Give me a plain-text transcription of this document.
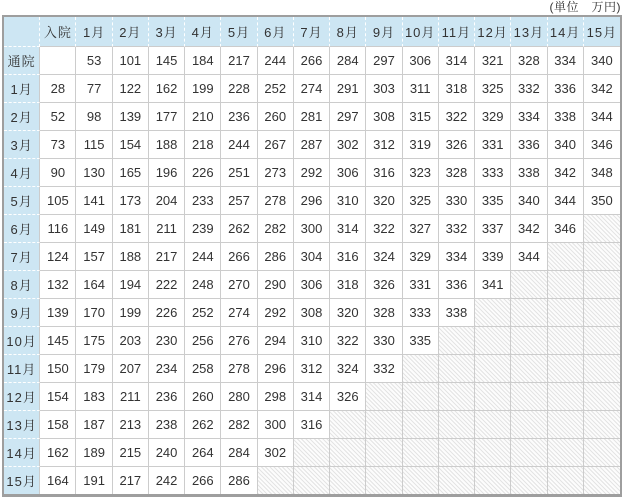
(単位　万円)
	入院	1月	2月	3月	4月	5月	6月	7月	8月	9月	10月	11月	12月	13月	14月	15月
通院		53	101	145	184	217	244	266	284	297	306	314	321	328	334	340
1月	28	77	122	162	199	228	252	274	291	303	311	318	325	332	336	342
2月	52	98	139	177	210	236	260	281	297	308	315	322	329	334	338	344
3月	73	115	154	188	218	244	267	287	302	312	319	326	331	336	340	346
4月	90	130	165	196	226	251	273	292	306	316	323	328	333	338	342	348
5月	105	141	173	204	233	257	278	296	310	320	325	330	335	340	344	350
6月	116	149	181	211	239	262	282	300	314	322	327	332	337	342	346	
7月	124	157	188	217	244	266	286	304	316	324	329	334	339	344		
8月	132	164	194	222	248	270	290	306	318	326	331	336	341			
9月	139	170	199	226	252	274	292	308	320	328	333	338				
10月	145	175	203	230	256	276	294	310	322	330	335					
11月	150	179	207	234	258	278	296	312	324	332						
12月	154	183	211	236	260	280	298	314	326							
13月	158	187	213	238	262	282	300	316								
14月	162	189	215	240	264	284	302									
15月	164	191	217	242	266	286										
